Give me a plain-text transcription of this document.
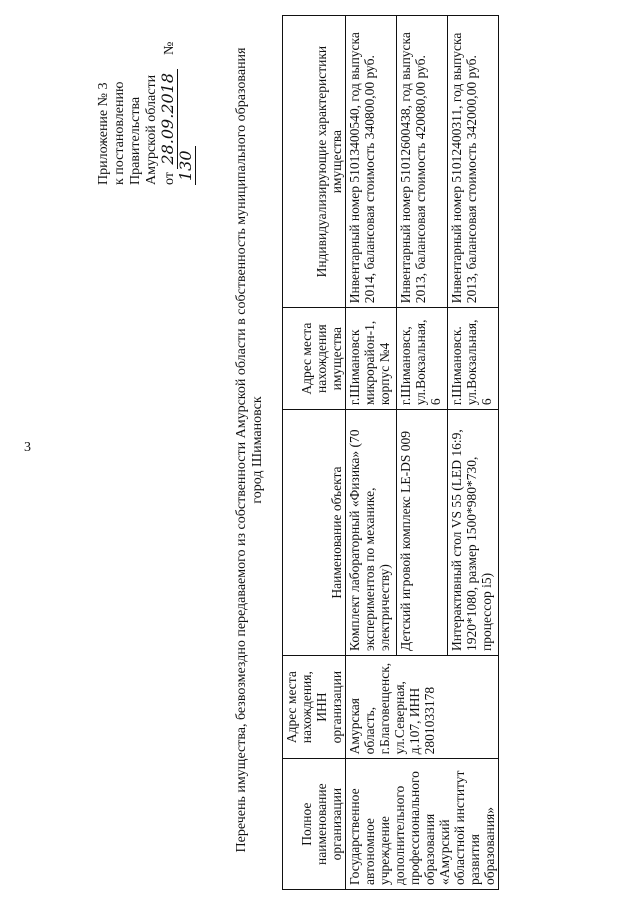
3
Приложение № 3 к постановлению Правительства Амурской области от 28.09.2018    № 130	Перечень имущества, безвозмездно передаваемого из собственности Амурской области в собственность муниципального образования город Шимановск
Полное наименование организации	Адрес места нахождения, ИНН организации	Наименование объекта	Адрес места нахождения имущества	Индивидуализирующие характеристики имущества
Государственное автономное учреждение дополнительного профессионального образования «Амурский областной институт развития образования»	Амурская область, г.Благовещенск, ул.Северная, д.107, ИНН 2801033178	Комплект лабораторный «Физика» (70 экспериментов по механике, электричеству)	г.Шимановск микрорайон-1, корпус №4	Инвентарный номер 51013400540, год выпуска 2014, балансовая стоимость 340800,00 руб.
		Детский игровой комплекс LE-DS 009	г.Шимановск, ул.Вокзальная, 6	Инвентарный номер 51012600438, год выпуска 2013, балансовая стоимость 420080,00 руб.
		Интерактивный стол VS 55 (LED 16:9, 1920*1080, размер 1500*980*730, процессор i5)	г.Шимановск. ул.Вокзальная, 6	Инвентарный номер 51012400311, год выпуска 2013, балансовая стоимость 342000,00 руб.
